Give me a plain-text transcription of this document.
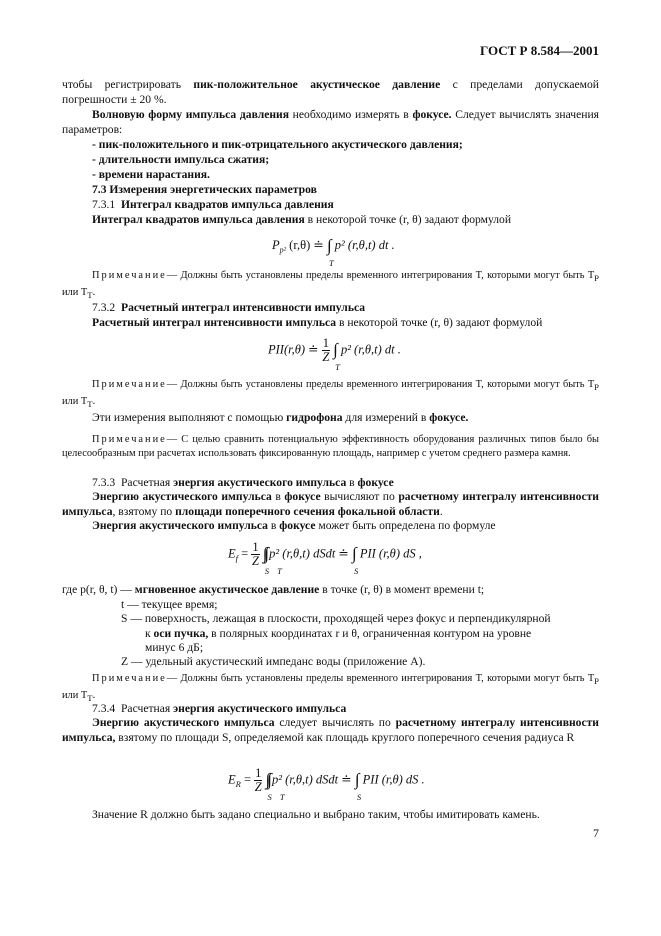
ГОСТ Р 8.584—2001
чтобы регистрировать пик-положительное акустическое давление с пределами допускаемой погрешности ± 20 %.
Волновую форму импульса давления необходимо измерять в фокусе. Следует вычислять значения параметров:
- пик-положительного и пик-отрицательного акустического давления;
- длительности импульса сжатия;
- времени нарастания.
7.3 Измерения энергетических параметров
7.3.1 Интеграл квадратов импульса давления
Интеграл квадратов импульса давления в некоторой точке (r, θ) задают формулой
$P_{p^2}$ (r,θ) ≐ ∫
T
p² (r,θ,t) dt .
Примечание— Должны быть установлены пределы временного интегрирования T, которыми могут быть $T_P$ или $T_T$.
7.3.2 Расчетный интеграл интенсивности импульса
Расчетный интеграл интенсивности импульса в некоторой точке (r, θ) задают формулой
PII(r,θ) ≐ $\frac{1}{Z}$ ∫
T
p² (r,θ,t) dt .
Примечание— Должны быть установлены пределы временного интегрирования T, которыми могут быть $T_P$ или $T_T$.
Эти измерения выполняют с помощью гидрофона для измерений в фокусе.
Примечание— С целью сравнить потенциальную эффективность оборудования различных типов было бы целесообразным при расчетах использовать фиксированную площадь, например с учетом среднего размера камня.
7.3.3 Расчетная энергия акустического импульса в фокусе
Энергию акустического импульса в фокусе вычисляют по расчетному интегралу интенсивности импульса, взятому по площади поперечного сечения фокальной области.
Энергия акустического импульса в фокусе может быть определена по формуле
$E_f = \frac{1}{Z}$ ∫∫
S T
p² (r,θ,t) dSdt ≐ ∫
S
PII (r,θ) dS ,
где p(r, θ, t) — мгновенное акустическое давление в точке (r, θ) в момент времени t;
t — текущее время;
S — поверхность, лежащая в плоскости, проходящей через фокус и перпендикулярной
к оси пучка, в полярных координатах r и θ, ограниченная контуром на уровне
минус 6 дБ;
Z — удельный акустический импеданс воды (приложение А).
Примечание— Должны быть установлены пределы временного интегрирования T, которыми могут быть $T_P$ или $T_T$.
7.3.4 Расчетная энергия акустического импульса
Энергию акустического импульса следует вычислять по расчетному интегралу интенсивности импульса, взятому по площади S, определяемой как площадь круглого поперечного сечения радиуса R
$E_R = \frac{1}{Z}$ ∫∫
S T
p² (r,θ,t) dSdt ≐ ∫
S
PII (r,θ) dS .
Значение R должно быть задано специально и выбрано таким, чтобы имитировать камень.
7
